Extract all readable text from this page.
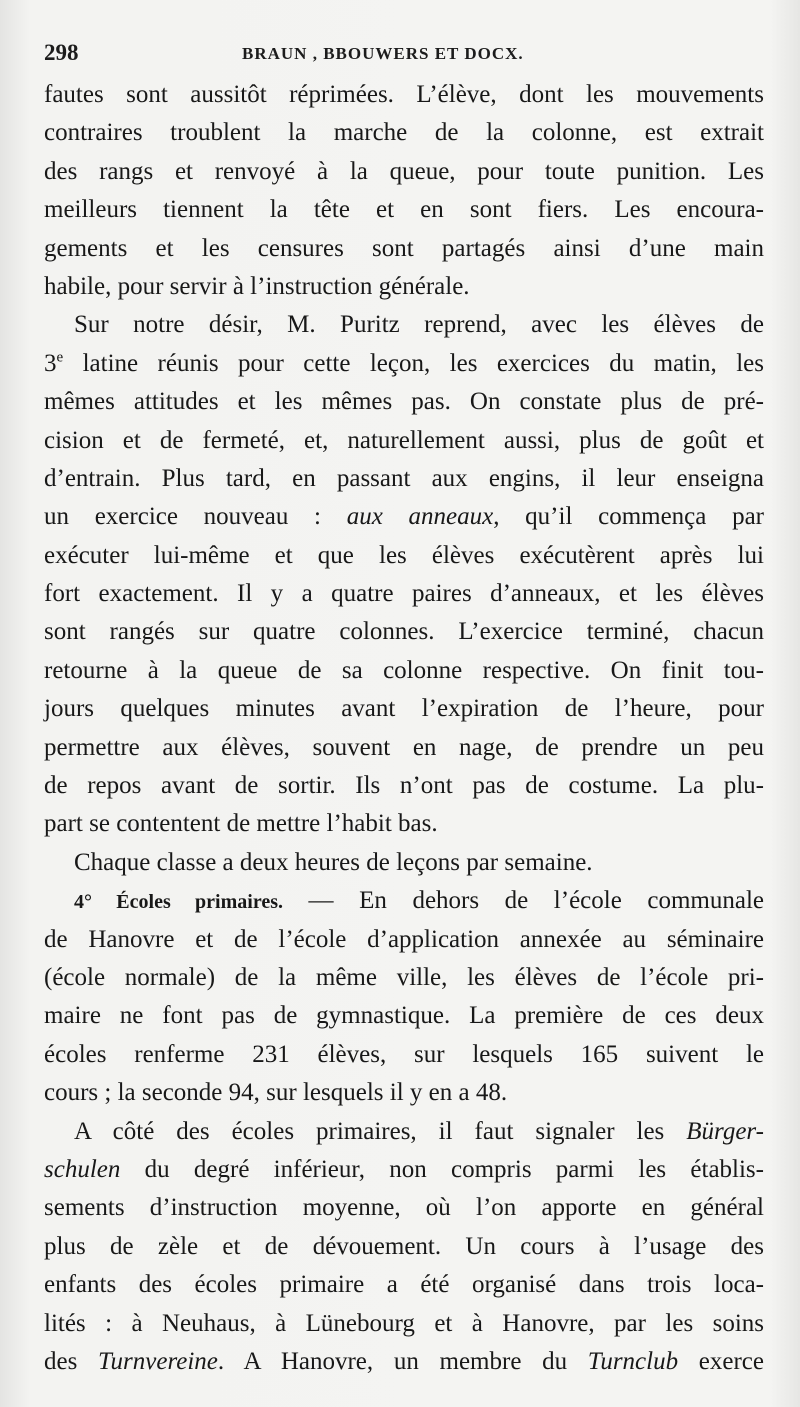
298	BRAUN , BBOUWERS ET DOCX.
fautes sont aussitôt réprimées. L’élève, dont les mouvements
contraires troublent la marche de la colonne, est extrait
des rangs et renvoyé à la queue, pour toute punition. Les
meilleurs tiennent la tête et en sont fiers. Les encoura-
gements et les censures sont partagés ainsi d’une main
habile, pour servir à l’instruction générale.
Sur notre désir, M. Puritz reprend, avec les élèves de
3e latine réunis pour cette leçon, les exercices du matin, les
mêmes attitudes et les mêmes pas. On constate plus de pré-
cision et de fermeté, et, naturellement aussi, plus de goût et
d’entrain. Plus tard, en passant aux engins, il leur enseigna
un exercice nouveau : aux anneaux, qu’il commença par
exécuter lui-même et que les élèves exécutèrent après lui
fort exactement. Il y a quatre paires d’anneaux, et les élèves
sont rangés sur quatre colonnes. L’exercice terminé, chacun
retourne à la queue de sa colonne respective. On finit tou-
jours quelques minutes avant l’expiration de l’heure, pour
permettre aux élèves, souvent en nage, de prendre un peu
de repos avant de sortir. Ils n’ont pas de costume. La plu-
part se contentent de mettre l’habit bas.
Chaque classe a deux heures de leçons par semaine.
4° Écoles primaires. — En dehors de l’école communale
de Hanovre et de l’école d’application annexée au séminaire
(école normale) de la même ville, les élèves de l’école pri-
maire ne font pas de gymnastique. La première de ces deux
écoles renferme 231 élèves, sur lesquels 165 suivent le
cours ; la seconde 94, sur lesquels il y en a 48.
A côté des écoles primaires, il faut signaler les Bürger-
schulen du degré inférieur, non compris parmi les établis-
sements d’instruction moyenne, où l’on apporte en général
plus de zèle et de dévouement. Un cours à l’usage des
enfants des écoles primaire a été organisé dans trois loca-
lités : à Neuhaus, à Lünebourg et à Hanovre, par les soins
des Turnvereine. A Hanovre, un membre du Turnclub exerce
